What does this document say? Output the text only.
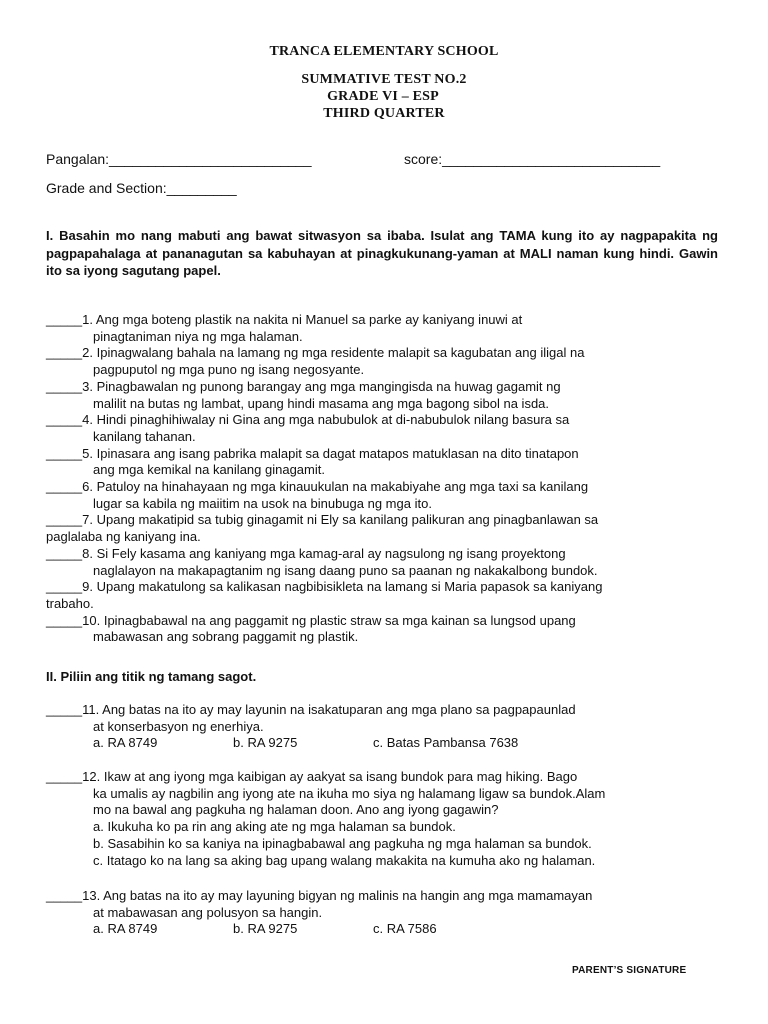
TRANCA ELEMENTARY SCHOOL
SUMMATIVE TEST NO.2
GRADE VI – ESP
THIRD QUARTER
Pangalan:__________________________	score:____________________________
Grade and Section:_________
I. Basahin mo nang mabuti ang bawat sitwasyon sa ibaba. Isulat ang TAMA kung ito ay nagpapakita ng pagpapahalaga at pananagutan sa kabuhayan at pinagkukunang-yaman at MALI naman kung hindi. Gawin ito sa iyong sagutang papel.
_____1. Ang mga boteng plastik na nakita ni Manuel sa parke ay kaniyang inuwi at
pinagtaniman niya ng mga halaman.
_____2. Ipinagwalang bahala na lamang ng mga residente malapit sa kagubatan ang iligal na
pagpuputol ng mga puno ng isang negosyante.
_____3. Pinagbawalan ng punong barangay ang mga mangingisda na huwag gagamit ng
malilit na butas ng lambat, upang hindi masama ang mga bagong sibol na isda.
_____4. Hindi pinaghihiwalay ni Gina ang mga nabubulok at di-nabubulok nilang basura sa
kanilang tahanan.
_____5. Ipinasara ang isang pabrika malapit sa dagat matapos matuklasan na dito tinatapon
ang mga kemikal na kanilang ginagamit.
_____6. Patuloy na hinahayaan ng mga kinauukulan na makabiyahe ang mga taxi sa kanilang
lugar sa kabila ng maiitim na usok na binubuga ng mga ito.
_____7. Upang makatipid sa tubig ginagamit ni Ely sa kanilang palikuran ang pinagbanlawan sa
paglalaba ng kaniyang ina.
_____8. Si Fely kasama ang kaniyang mga kamag-aral ay nagsulong ng isang proyektong
naglalayon na makapagtanim ng isang daang puno sa paanan ng nakakalbong bundok.
_____9. Upang makatulong sa kalikasan nagbibisikleta na lamang si Maria papasok sa kaniyang
trabaho.
_____10. Ipinagbabawal na ang paggamit ng plastic straw sa mga kainan sa lungsod upang
mabawasan ang sobrang paggamit ng plastik.
II. Piliin ang titik ng tamang sagot.
_____11. Ang batas na ito ay may layunin na isakatuparan ang mga plano sa pagpapaunlad
at konserbasyon ng enerhiya.
a. RA 8749	b. RA 9275	c. Batas Pambansa 7638
_____12. Ikaw at ang iyong mga kaibigan ay aakyat sa isang bundok para mag hiking. Bago
ka umalis ay nagbilin ang iyong ate na ikuha mo siya ng halamang ligaw sa bundok.Alam
mo na bawal ang pagkuha ng halaman doon. Ano ang iyong gagawin?
a. Ikukuha ko pa rin ang aking ate ng mga halaman sa bundok.
b. Sasabihin ko sa kaniya na ipinagbabawal ang pagkuha ng mga halaman sa bundok.
c. Itatago ko na lang sa aking bag upang walang makakita na kumuha ako ng halaman.
_____13. Ang batas na ito ay may layuning bigyan ng malinis na hangin ang mga mamamayan
at mabawasan ang polusyon sa hangin.
a. RA 8749	b. RA 9275	c. RA 7586
PARENT’S SIGNATURE
